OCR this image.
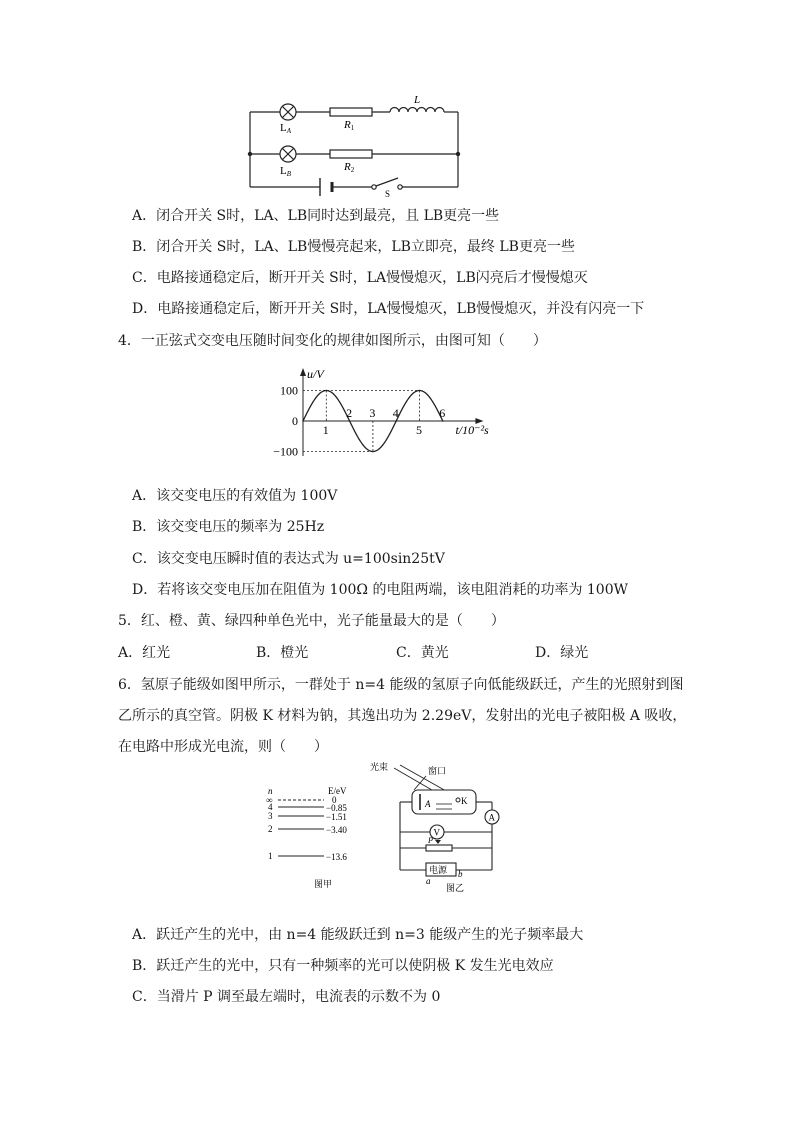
LA
LB
R1
R2
L
S
A．闭合开关 S时，LA、LB同时达到最亮，且 LB更亮一些
B．闭合开关 S时，LA、LB慢慢亮起来，LB立即亮，最终 LB更亮一些
C．电路接通稳定后，断开开关 S时，LA慢慢熄灭，LB闪亮后才慢慢熄灭
D．电路接通稳定后，断开开关 S时，LA慢慢熄灭，LB慢慢熄灭，并没有闪亮一下
4．一正弦式交变电压随时间变化的规律如图所示，由图可知（　　）
1
2 3 4
5
6
100
0
−100
u/V
t/10⁻²s
A．该交变电压的有效值为 100V
B．该交变电压的频率为 25Hz
C．该交变电压瞬时值的表达式为 u=100sin25tV
D．若将该交变电压加在阻值为 100Ω 的电阻两端，该电阻消耗的功率为 100W
5．红、橙、黄、绿四种单色光中，光子能量最大的是（　　）
A．红光	B．橙光	C．黄光	D．绿光
6．氢原子能级如图甲所示，一群处于 n=4 能级的氢原子向低能级跃迁，产生的光照射到图
乙所示的真空管。阴极 K 材料为钠，其逸出功为 2.29eV，发射出的光电子被阳极 A 吸收，
在电路中形成光电流，则（　　）
n	E/eV
∞	0
4	−0.85
3	−1.51
2	−3.40
1	−13.6
图甲
光束	窗口
A	K
A
V
P
电源
a
b
图乙
A．跃迁产生的光中，由 n=4 能级跃迁到 n=3 能级产生的光子频率最大
B．跃迁产生的光中，只有一种频率的光可以使阴极 K 发生光电效应
C．当滑片 P 调至最左端时，电流表的示数不为 0
